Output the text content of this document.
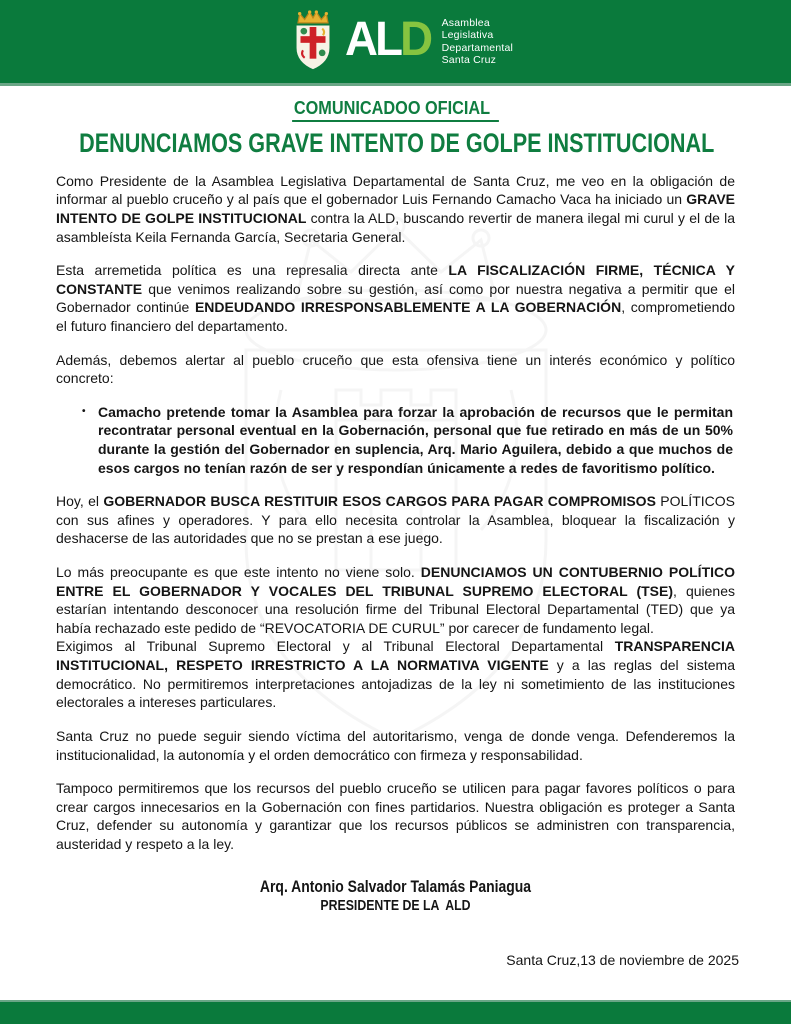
ALD Asamblea
Legislativa
Departamental
Santa Cruz
COMUNICADOO OFICIAL
DENUNCIAMOS GRAVE INTENTO DE GOLPE INSTITUCIONAL
Como Presidente de la Asamblea Legislativa Departamental de Santa Cruz, me veo en la obligación de informar al pueblo cruceño y al país que el gobernador Luis Fernando Camacho Vaca ha iniciado un GRAVE INTENTO DE GOLPE INSTITUCIONAL contra la ALD, buscando revertir de manera ilegal mi curul y el de la asambleísta Keila Fernanda García, Secretaria General.
Esta arremetida política es una represalia directa ante LA FISCALIZACIÓN FIRME, TÉCNICA Y CONSTANTE que venimos realizando sobre su gestión, así como por nuestra negativa a permitir que el Gobernador continúe ENDEUDANDO IRRESPONSABLEMENTE A LA GOBERNACIÓN, comprometiendo el futuro financiero del departamento.
Además, debemos alertar al pueblo cruceño que esta ofensiva tiene un interés económico y político concreto:
• Camacho pretende tomar la Asamblea para forzar la aprobación de recursos que le permitan recontratar personal eventual en la Gobernación, personal que fue retirado en más de un 50% durante la gestión del Gobernador en suplencia, Arq. Mario Aguilera, debido a que muchos de esos cargos no tenían razón de ser y respondían únicamente a redes de favoritismo político.
Hoy, el GOBERNADOR BUSCA RESTITUIR ESOS CARGOS PARA PAGAR COMPROMISOS POLÍTICOS con sus afines y operadores. Y para ello necesita controlar la Asamblea, bloquear la fiscalización y deshacerse de las autoridades que no se prestan a ese juego.
Lo más preocupante es que este intento no viene solo. DENUNCIAMOS UN CONTUBERNIO POLÍTICO ENTRE EL GOBERNADOR Y VOCALES DEL TRIBUNAL SUPREMO ELECTORAL (TSE), quienes estarían intentando desconocer una resolución firme del Tribunal Electoral Departamental (TED) que ya había rechazado este pedido de “REVOCATORIA DE CURUL” por carecer de fundamento legal.
Exigimos al Tribunal Supremo Electoral y al Tribunal Electoral Departamental TRANSPARENCIA INSTITUCIONAL, RESPETO IRRESTRICTO A LA NORMATIVA VIGENTE y a las reglas del sistema democrático. No permitiremos interpretaciones antojadizas de la ley ni sometimiento de las instituciones electorales a intereses particulares.
Santa Cruz no puede seguir siendo víctima del autoritarismo, venga de donde venga. Defenderemos la institucionalidad, la autonomía y el orden democrático con firmeza y responsabilidad.
Tampoco permitiremos que los recursos del pueblo cruceño se utilicen para pagar favores políticos o para crear cargos innecesarios en la Gobernación con fines partidarios. Nuestra obligación es proteger a Santa Cruz, defender su autonomía y garantizar que los recursos públicos se administren con transparencia, austeridad y respeto a la ley.
Arq. Antonio Salvador Talamás Paniagua
PRESIDENTE DE LA  ALD
Santa Cruz,13 de noviembre de 2025
